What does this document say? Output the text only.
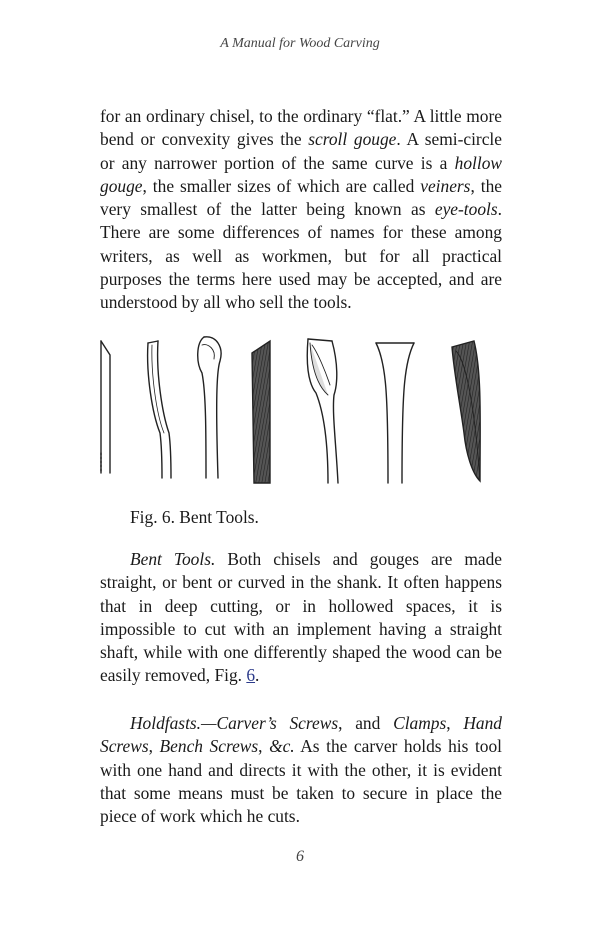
A Manual for Wood Carving

for an ordinary chisel, to the ordinary “flat.” A little more bend or convexity gives the scroll gouge. A semi-circle or any narrower portion of the same curve is a hollow gouge, the smaller sizes of which are called veiners, the very smallest of the latter being known as eye-tools. There are some differences of names for these among writers, as well as workmen, but for all practical purposes the terms here used may be accepted, and are understood by all who sell the tools.

Fig. 6. Bent Tools.

Bent Tools. Both chisels and gouges are made straight, or bent or curved in the shank. It often happens that in deep cutting, or in hollowed spaces, it is impossible to cut with an implement having a straight shaft, while with one differently shaped the wood can be easily removed, Fig. 6.

Holdfasts.—Carver’s Screws, and Clamps, Hand Screws, Bench Screws, &c. As the carver holds his tool with one hand and directs it with the other, it is evident that some means must be taken to secure in place the piece of work which he cuts.

6
